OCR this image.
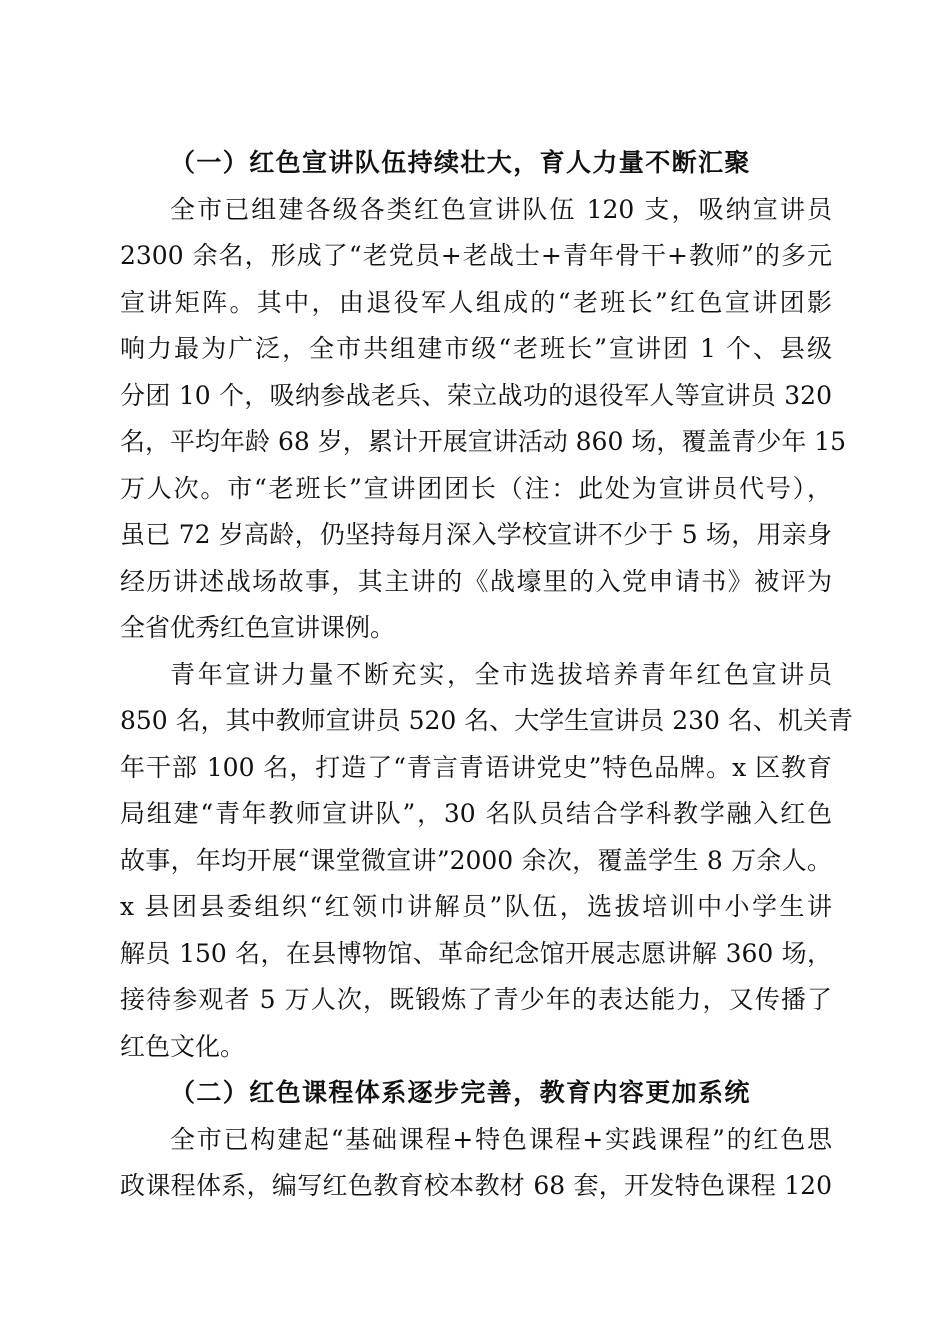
（一）红色宣讲队伍持续壮大，育人力量不断汇聚
全市已组建各级各类红色宣讲队伍 120 支，吸纳宣讲员
2300 余名，形成了“老党员+老战士+青年骨干+教师”的多元
宣讲矩阵。其中，由退役军人组成的“老班长”红色宣讲团影
响力最为广泛，全市共组建市级“老班长”宣讲团 1 个、县级
分团 10 个，吸纳参战老兵、荣立战功的退役军人等宣讲员 320
名，平均年龄 68 岁，累计开展宣讲活动 860 场，覆盖青少年 15
万人次。市“老班长”宣讲团团长（注：此处为宣讲员代号），
虽已 72 岁高龄，仍坚持每月深入学校宣讲不少于 5 场，用亲身
经历讲述战场故事，其主讲的《战壕里的入党申请书》被评为
全省优秀红色宣讲课例。
青年宣讲力量不断充实，全市选拔培养青年红色宣讲员
850 名，其中教师宣讲员 520 名、大学生宣讲员 230 名、机关青
年干部 100 名，打造了“青言青语讲党史”特色品牌。x 区教育
局组建“青年教师宣讲队”，30 名队员结合学科教学融入红色
故事，年均开展“课堂微宣讲”2000 余次，覆盖学生 8 万余人。
x 县团县委组织“红领巾讲解员”队伍，选拔培训中小学生讲
解员 150 名，在县博物馆、革命纪念馆开展志愿讲解 360 场，
接待参观者 5 万人次，既锻炼了青少年的表达能力，又传播了
红色文化。
（二）红色课程体系逐步完善，教育内容更加系统
全市已构建起“基础课程+特色课程+实践课程”的红色思
政课程体系，编写红色教育校本教材 68 套，开发特色课程 120
